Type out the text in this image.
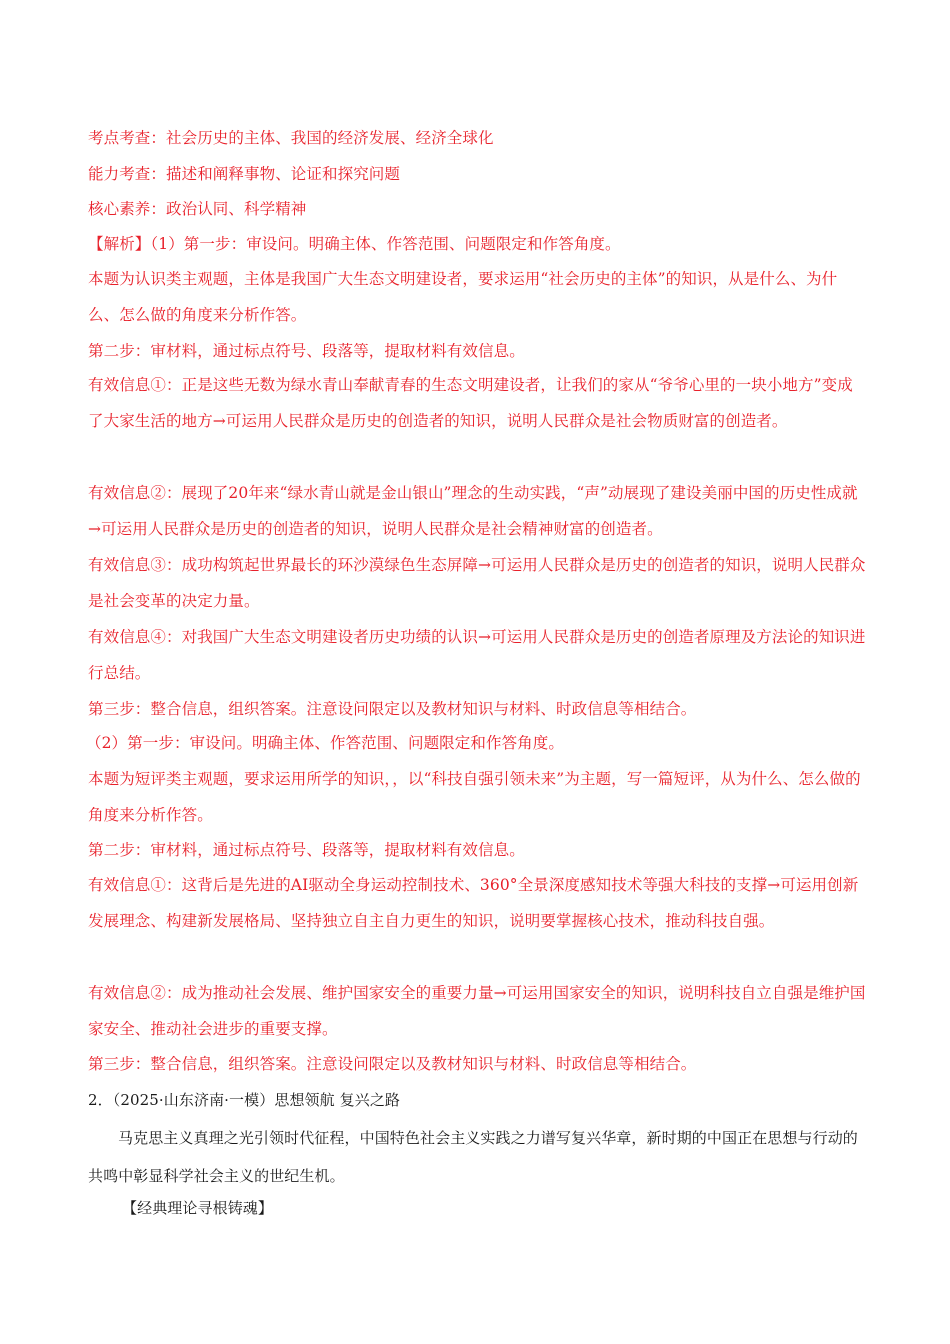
考点考查：社会历史的主体、我国的经济发展、经济全球化
能力考查：描述和阐释事物、论证和探究问题
核心素养：政治认同、科学精神
【解析】（1）第一步：审设问。明确主体、作答范围、问题限定和作答角度。
本题为认识类主观题，主体是我国广大生态文明建设者，要求运用“社会历史的主体”的知识，从是什么、为什么、怎么做的角度来分析作答。
第二步：审材料，通过标点符号、段落等，提取材料有效信息。
有效信息①：正是这些无数为绿水青山奉献青春的生态文明建设者，让我们的家从“爷爷心里的一块小地方”变成了大家生活的地方→可运用人民群众是历史的创造者的知识，说明人民群众是社会物质财富的创造者。
有效信息②：展现了20年来“绿水青山就是金山银山”理念的生动实践，“声”动展现了建设美丽中国的历史性成就→可运用人民群众是历史的创造者的知识，说明人民群众是社会精神财富的创造者。
有效信息③：成功构筑起世界最长的环沙漠绿色生态屏障→可运用人民群众是历史的创造者的知识，说明人民群众是社会变革的决定力量。
有效信息④：对我国广大生态文明建设者历史功绩的认识→可运用人民群众是历史的创造者原理及方法论的知识进行总结。
第三步：整合信息，组织答案。注意设问限定以及教材知识与材料、时政信息等相结合。
（2）第一步：审设问。明确主体、作答范围、问题限定和作答角度。
本题为短评类主观题，要求运用所学的知识，，以“科技自强引领未来”为主题，写一篇短评，从为什么、怎么做的角度来分析作答。
第二步：审材料，通过标点符号、段落等，提取材料有效信息。
有效信息①：这背后是先进的AI驱动全身运动控制技术、360°全景深度感知技术等强大科技的支撑→可运用创新发展理念、构建新发展格局、坚持独立自主自力更生的知识，说明要掌握核心技术，推动科技自强。
有效信息②：成为推动社会发展、维护国家安全的重要力量→可运用国家安全的知识，说明科技自立自强是维护国家安全、推动社会进步的重要支撑。
第三步：整合信息，组织答案。注意设问限定以及教材知识与材料、时政信息等相结合。
2．（2025·山东济南·一模）思想领航 复兴之路
马克思主义真理之光引领时代征程，中国特色社会主义实践之力谱写复兴华章，新时期的中国正在思想与行动的共鸣中彰显科学社会主义的世纪生机。
【经典理论寻根铸魂】
